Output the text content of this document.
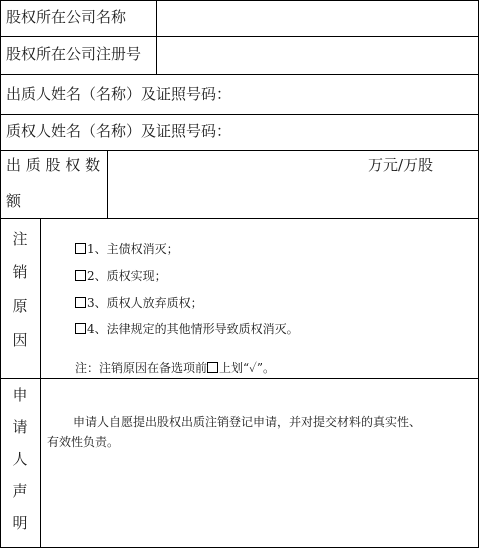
股权所在公司名称
股权所在公司注册号
出质人姓名（名称）及证照号码：
质权人姓名（名称）及证照号码：
出 质 股 权 数
额
万元/万股
注
销
原
因
1、主债权消灭；
2、质权实现；
3、质权人放弃质权；
4、法律规定的其他情形导致质权消灭。
注：注销原因在备选项前 上划“✓”。
申
请
人
声
明
申请人自愿提出股权出质注销登记申请，并对提交材料的真实性、
有效性负责。
